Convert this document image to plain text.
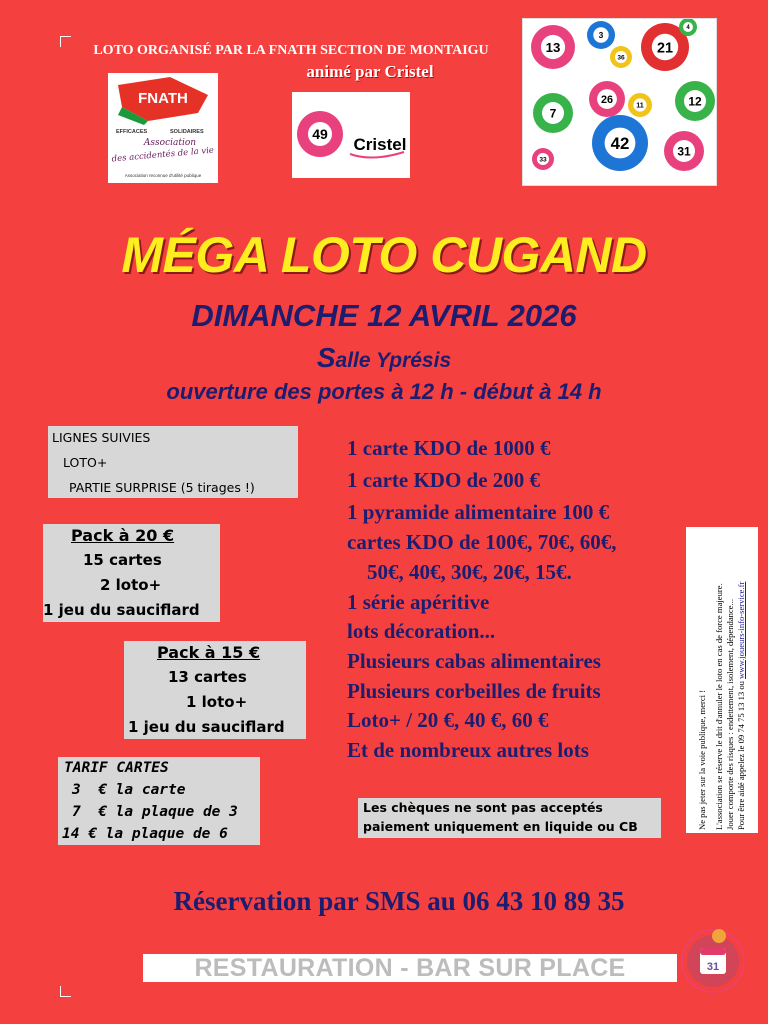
LOTO ORGANISÉ PAR LA FNATH SECTION DE MONTAIGU
animé par Cristel
FNATH
EFFICACES	SOLIDAIRES
Association
des accidentés de la vie
Association reconnue d'utilité publique
49
Cristel
13
3
21
36
26
7
11
42	31
4
12
33
MÉGA LOTO CUGAND
DIMANCHE 12 AVRIL 2026
Salle Yprésis
ouverture des portes à 12 h - début à 14 h
LIGNES SUIVIES
LOTO+
PARTIE SURPRISE (5 tirages !)
Pack à 20 €
15 cartes
2 loto+
1 jeu du sauciflard
Pack à 15 €
13 cartes
1 loto+
1 jeu du sauciflard
TARIF CARTES
3  € la carte
7  € la plaque de 3
14 € la plaque de 6
1 carte KDO de 1000 €
1 carte KDO de 200 €
1 pyramide alimentaire 100 €
cartes KDO de 100€, 70€, 60€,
50€, 40€, 30€, 20€, 15€.
1 série apéritive
lots décoration...
Plusieurs cabas alimentaires
Plusieurs corbeilles de fruits
Loto+ / 20 €, 40 €, 60 €
Et de nombreux autres lots
Les chèques ne sont pas acceptés
paiement uniquement en liquide ou CB	Ne pas jeter sur la voie publique, merci ! L'association se réserve le drit d'annuler le loto en cas de force majeure. Jouer comporte des risques : endettement, isolement, dépendance... Pour être aidé appelez le 09 74 75 13 13 ou www.joueurs-info-service.fr
Réservation par SMS au 06 43 10 89 35
RESTAURATION - BAR SUR PLACE	31
